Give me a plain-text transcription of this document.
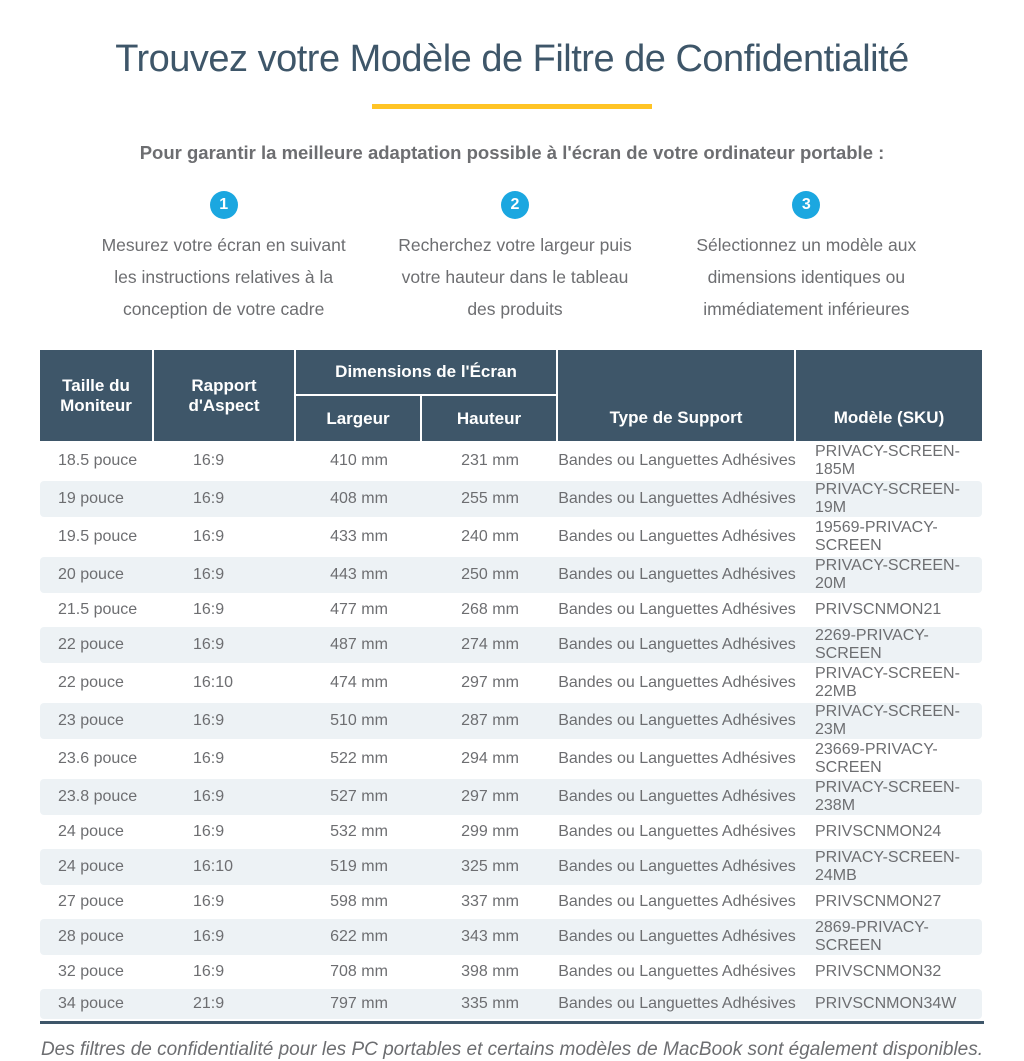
Trouvez votre Modèle de Filtre de Confidentialité

Pour garantir la meilleure adaptation possible à l'écran de votre ordinateur portable :

1

Mesurez votre écran en suivant les instructions relatives à la conception de votre cadre

2

Recherchez votre largeur puis votre hauteur dans le tableau des produits

3

Sélectionnez un modèle aux dimensions identiques ou immédiatement inférieures

Taille du Moniteur	Rapport d'Aspect	Dimensions de l'Écran		Type de Support	Modèle (SKU)
		Largeur	Hauteur		
18.5 pouce	16:9	410 mm	231 mm	Bandes ou Languettes Adhésives	PRIVACY-SCREEN-185M
19 pouce	16:9	408 mm	255 mm	Bandes ou Languettes Adhésives	PRIVACY-SCREEN-19M
19.5 pouce	16:9	433 mm	240 mm	Bandes ou Languettes Adhésives	19569-PRIVACY-SCREEN
20 pouce	16:9	443 mm	250 mm	Bandes ou Languettes Adhésives	PRIVACY-SCREEN-20M
21.5 pouce	16:9	477 mm	268 mm	Bandes ou Languettes Adhésives	PRIVSCNMON21
22 pouce	16:9	487 mm	274 mm	Bandes ou Languettes Adhésives	2269-PRIVACY-SCREEN
22 pouce	16:10	474 mm	297 mm	Bandes ou Languettes Adhésives	PRIVACY-SCREEN-22MB
23 pouce	16:9	510 mm	287 mm	Bandes ou Languettes Adhésives	PRIVACY-SCREEN-23M
23.6 pouce	16:9	522 mm	294 mm	Bandes ou Languettes Adhésives	23669-PRIVACY-SCREEN
23.8 pouce	16:9	527 mm	297 mm	Bandes ou Languettes Adhésives	PRIVACY-SCREEN-238M
24 pouce	16:9	532 mm	299 mm	Bandes ou Languettes Adhésives	PRIVSCNMON24
24 pouce	16:10	519 mm	325 mm	Bandes ou Languettes Adhésives	PRIVACY-SCREEN-24MB
27 pouce	16:9	598 mm	337 mm	Bandes ou Languettes Adhésives	PRIVSCNMON27
28 pouce	16:9	622 mm	343 mm	Bandes ou Languettes Adhésives	2869-PRIVACY-SCREEN
32 pouce	16:9	708 mm	398 mm	Bandes ou Languettes Adhésives	PRIVSCNMON32
34 pouce	21:9	797 mm	335 mm	Bandes ou Languettes Adhésives	PRIVSCNMON34W

Des filtres de confidentialité pour les PC portables et certains modèles de MacBook sont également disponibles.
